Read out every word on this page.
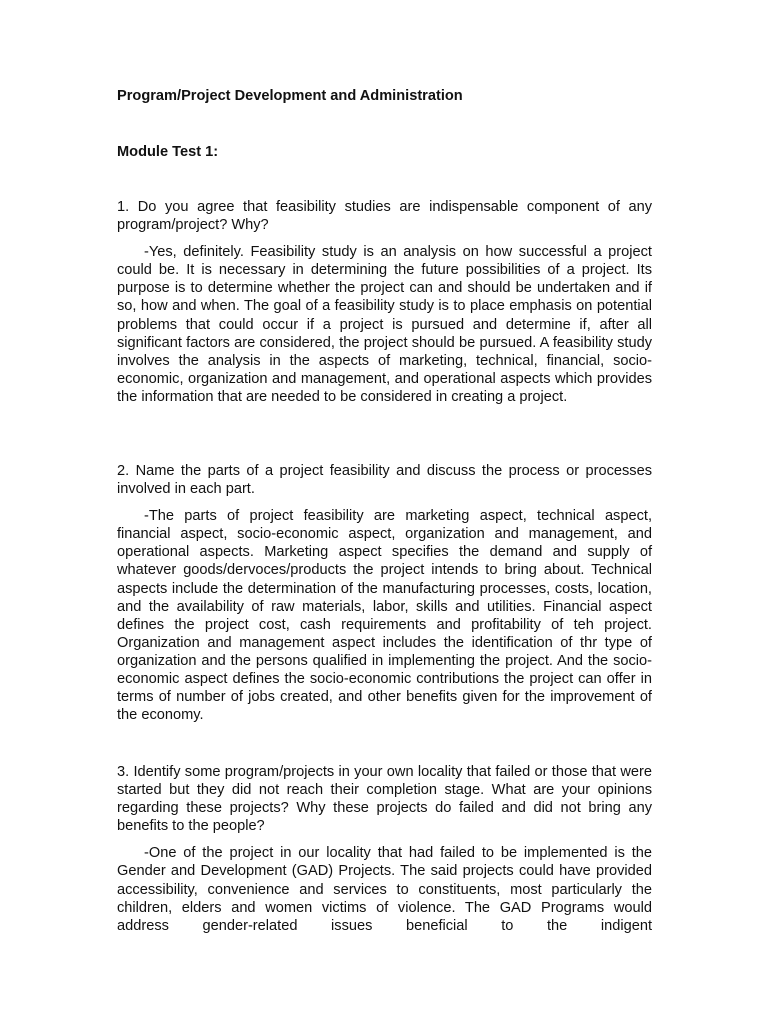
Program/Project Development and Administration
Module Test 1:

1. Do you agree that feasibility studies are indispensable component of any program/project? Why?

-Yes, definitely. Feasibility study is an analysis on how successful a project could be. It is necessary in determining the future possibilities of a project. Its purpose is to determine whether the project can and should be undertaken and if so, how and when. The goal of a feasibility study is to place emphasis on potential problems that could occur if a project is pursued and determine if, after all significant factors are considered, the project should be pursued. A feasibility study involves the analysis in the aspects of marketing, technical, financial, socio-economic, organization and management, and operational aspects which provides the information that are needed to be considered in creating a project.

2. Name the parts of a project feasibility and discuss the process or processes involved in each part.

-The parts of project feasibility are marketing aspect, technical aspect, financial aspect, socio-economic aspect, organization and management, and operational aspects. Marketing aspect specifies the demand and supply of whatever goods/dervoces/products the project intends to bring about. Technical aspects include the determination of the manufacturing processes, costs, location, and the availability of raw materials, labor, skills and utilities. Financial aspect defines the project cost, cash requirements and profitability of teh project. Organization and management aspect includes the identification of thr type of organization and the persons qualified in implementing the project. And the socio-economic aspect defines the socio-economic contributions the project can offer in terms of number of jobs created, and other benefits given for the improvement of the economy.

3. Identify some program/projects in your own locality that failed or those that were started but they did not reach their completion stage. What are your opinions regarding these projects? Why these projects do failed and did not bring any benefits to the people?

-One of the project in our locality that had failed to be implemented is the Gender and Development (GAD) Projects. The said projects could have provided accessibility, convenience and services to constituents, most particularly the children, elders and women victims of violence. The GAD Programs would address gender-related issues beneficial to the indigent
